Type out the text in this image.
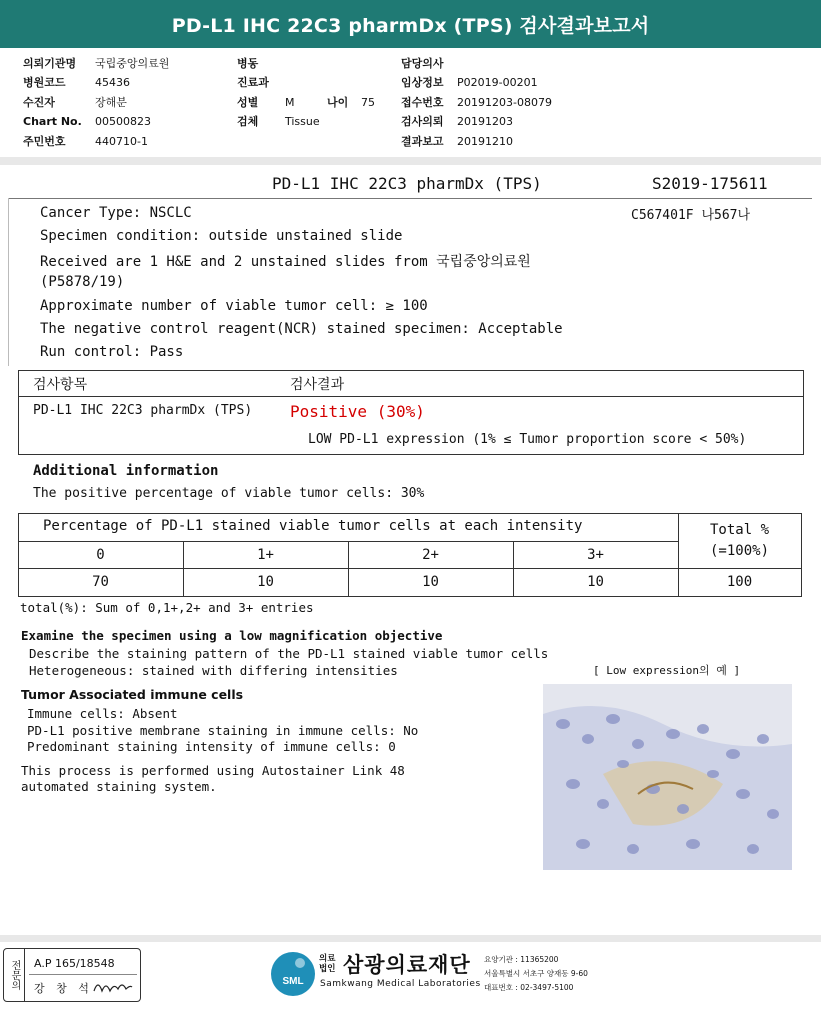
PD-L1 IHC 22C3 pharmDx (TPS) 검사결과보고서
의뢰기관명	국립중앙의료원
병원코드	45436
수진자	장해분
Chart No.	00500823
주민번호	440710-1
병동
진료과
성별	M	나이	75
검체	Tissue
담당의사
임상정보	P02019-00201
접수번호	20191203-08079
검사의뢰	20191203
결과보고	20191210
PD-L1 IHC 22C3 pharmDx (TPS)	S2019-175611
C567401F 나567나
Cancer Type: NSCLC
Specimen condition: outside unstained slide
Received are 1 H&E and 2 unstained slides from 국립중앙의료원
(P5878/19)
Approximate number of viable tumor cell: ≥ 100
The negative control reagent(NCR) stained specimen: Acceptable
Run control: Pass
검사항목	검사결과
PD-L1 IHC 22C3 pharmDx (TPS) Positive (30%)
LOW PD-L1 expression (1% ≤ Tumor proportion score < 50%)
Additional information
The positive percentage of viable tumor cells: 30%
Percentage of PD-L1 stained viable tumor cells at each intensity	Total %
(=100%)
0	1+	2+	3+
70	10	10	10	100
total(%): Sum of 0,1+,2+ and 3+ entries
Examine the specimen using a low magnification objective
Describe the staining pattern of the PD-L1 stained viable tumor cells
Heterogeneous: stained with differing intensities	[ Low expression의 예 ]
Tumor Associated immune cells
Immune cells: Absent
PD-L1 positive membrane staining in immune cells: No
Predominant staining intensity of immune cells: 0
This process is performed using Autostainer Link 48
automated staining system.
전문의	A.P 165/18548
강 창 석
SML
의료
법인 삼광의료재단
Samkwang Medical Laboratories
요양기관 : 11365200
서울특별시 서초구 양재동 9-60
대표번호 : 02-3497-5100
